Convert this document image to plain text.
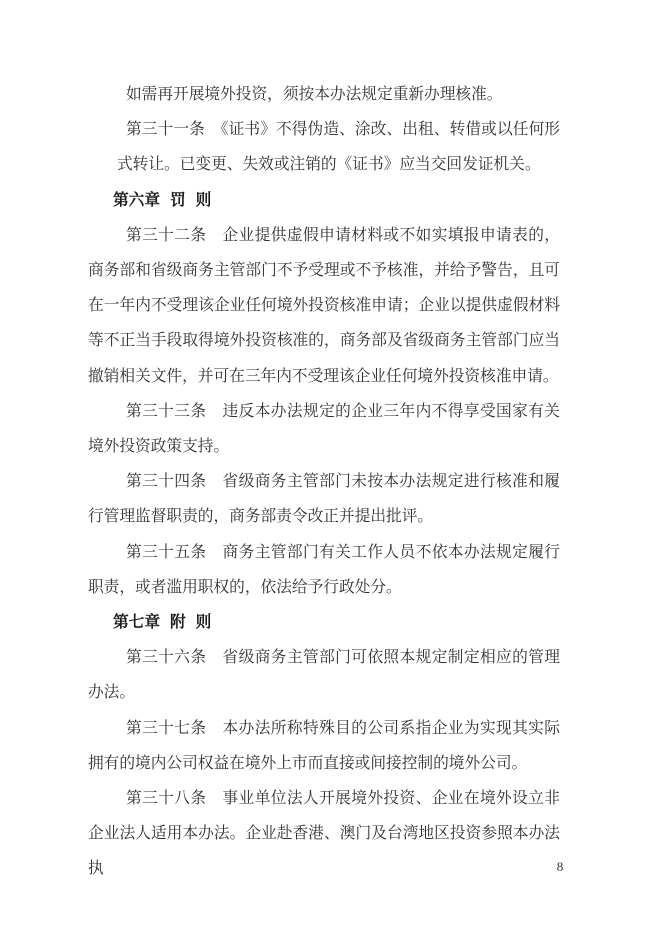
如需再开展境外投资，须按本办法规定重新办理核准。

第三十一条　《证书》不得伪造、涂改、出租、转借或以任何形式转让。已变更、失效或注销的《证书》应当交回发证机关。

第六章 罚 则

第三十二条　企业提供虚假申请材料或不如实填报申请表的，商务部和省级商务主管部门不予受理或不予核准，并给予警告，且可在一年内不受理该企业任何境外投资核准申请；企业以提供虚假材料等不正当手段取得境外投资核准的，商务部及省级商务主管部门应当撤销相关文件，并可在三年内不受理该企业任何境外投资核准申请。

第三十三条　违反本办法规定的企业三年内不得享受国家有关境外投资政策支持。

第三十四条　省级商务主管部门未按本办法规定进行核准和履行管理监督职责的，商务部责令改正并提出批评。

第三十五条　商务主管部门有关工作人员不依本办法规定履行职责，或者滥用职权的，依法给予行政处分。

第七章 附 则

第三十六条　省级商务主管部门可依照本规定制定相应的管理办法。

第三十七条　本办法所称特殊目的公司系指企业为实现其实际拥有的境内公司权益在境外上市而直接或间接控制的境外公司。

第三十八条　事业单位法人开展境外投资、企业在境外设立非企业法人适用本办法。企业赴香港、澳门及台湾地区投资参照本办法执	8
